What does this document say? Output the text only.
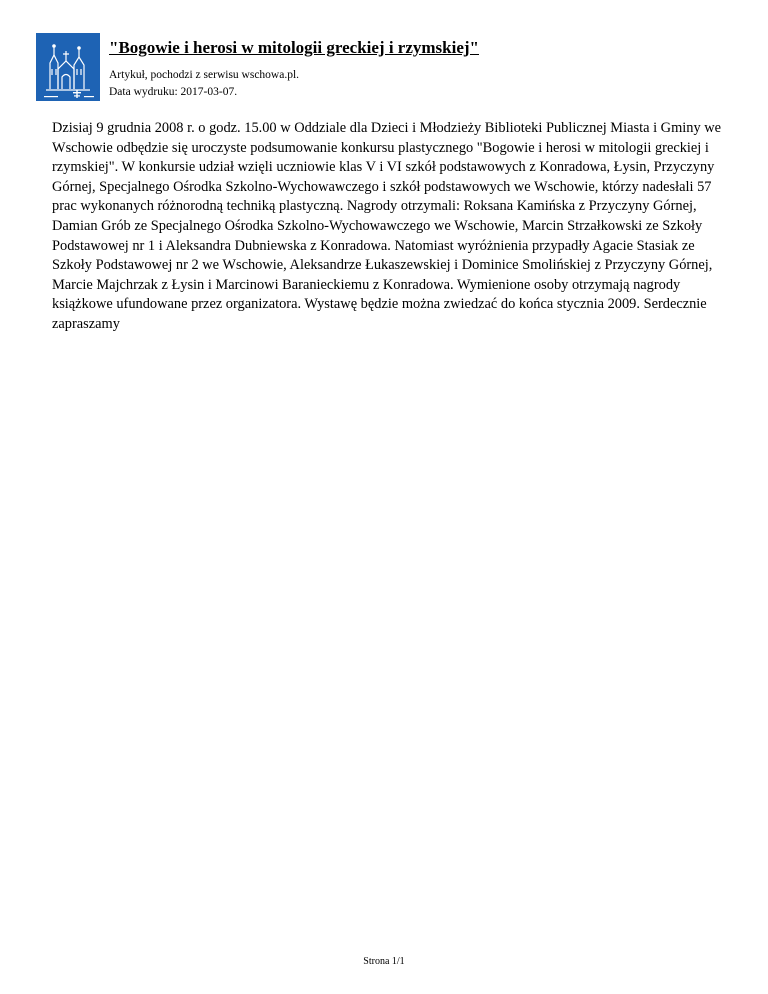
"Bogowie i herosi w mitologii greckiej i rzymskiej"
Artykuł, pochodzi z serwisu wschowa.pl.
Data wydruku: 2017-03-07.

Dzisiaj 9 grudnia 2008 r. o godz. 15.00 w Oddziale dla Dzieci i Młodzieży Biblioteki Publicznej Miasta i Gminy we Wschowie odbędzie się uroczyste podsumowanie konkursu plastycznego "Bogowie i herosi w mitologii greckiej i rzymskiej". W konkursie udział wzięli uczniowie klas V i VI szkół podstawowych z Konradowa, Łysin, Przyczyny Górnej, Specjalnego Ośrodka Szkolno-Wychowawczego i szkół podstawowych we Wschowie, którzy nadesłali 57 prac wykonanych różnorodną techniką plastyczną. Nagrody otrzymali: Roksana Kamińska z Przyczyny Górnej, Damian Grób ze Specjalnego Ośrodka Szkolno-Wychowawczego we Wschowie, Marcin Strzałkowski ze Szkoły Podstawowej nr 1 i Aleksandra Dubniewska z Konradowa. Natomiast wyróżnienia przypadły Agacie Stasiak ze Szkoły Podstawowej nr 2 we Wschowie, Aleksandrze Łukaszewskiej i Dominice Smolińskiej z Przyczyny Górnej, Marcie Majchrzak z Łysin i Marcinowi Baranieckiemu z Konradowa. Wymienione osoby otrzymają nagrody książkowe ufundowane przez organizatora. Wystawę będzie można zwiedzać do końca stycznia 2009. Serdecznie zapraszamy

Strona 1/1
